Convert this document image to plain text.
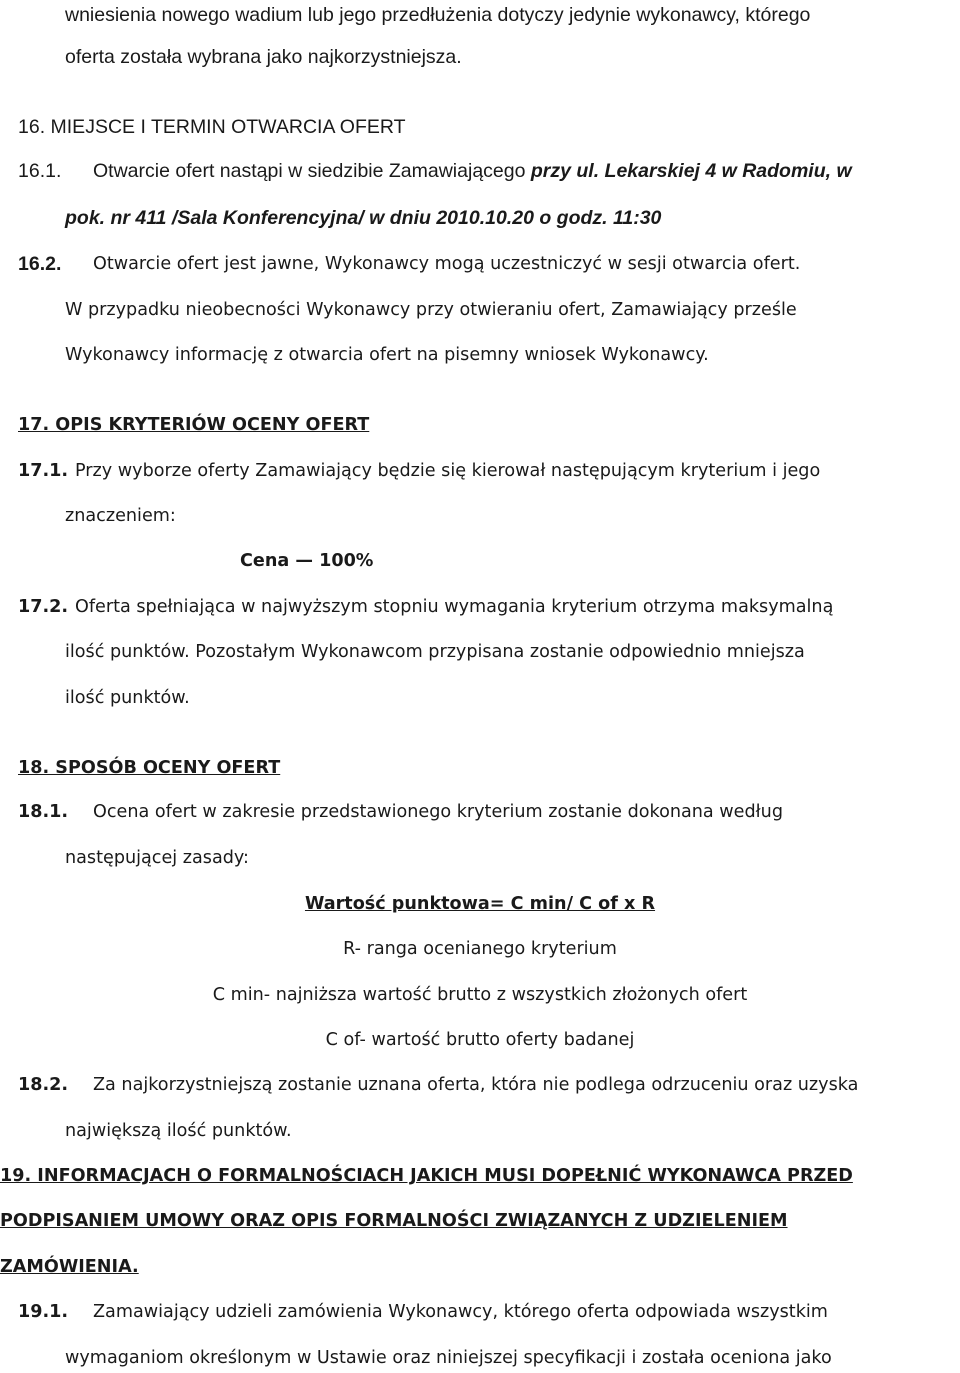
wniesienia nowego wadium lub jego przedłużenia dotyczy jedynie wykonawcy, którego
oferta została wybrana jako najkorzystniejsza.
16. MIEJSCE I TERMIN OTWARCIA OFERT
16.1. Otwarcie ofert nastąpi w siedzibie Zamawiającego przy ul. Lekarskiej 4 w Radomiu, w
pok. nr 411 /Sala Konferencyjna/ w dniu 2010.10.20 o godz. 11:30
16.2. Otwarcie ofert jest jawne, Wykonawcy mogą uczestniczyć w sesji otwarcia ofert.
W przypadku nieobecności Wykonawcy przy otwieraniu ofert, Zamawiający prześle
Wykonawcy informację z otwarcia ofert na pisemny wniosek Wykonawcy.
17. OPIS KRYTERIÓW OCENY OFERT
17.1. Przy wyborze oferty Zamawiający będzie się kierował następującym kryterium i jego
znaczeniem:
Cena — 100%
17.2. Oferta spełniająca w najwyższym stopniu wymagania kryterium otrzyma maksymalną
ilość punktów. Pozostałym Wykonawcom przypisana zostanie odpowiednio mniejsza
ilość punktów.
18. SPOSÓB OCENY OFERT
18.1. Ocena ofert w zakresie przedstawionego kryterium zostanie dokonana według
następującej zasady:
Wartość punktowa= C min/ C of x R
R- ranga ocenianego kryterium
C min- najniższa wartość brutto z wszystkich złożonych ofert
C of- wartość brutto oferty badanej
18.2. Za najkorzystniejszą zostanie uznana oferta, która nie podlega odrzuceniu oraz uzyska
największą ilość punktów.
19. INFORMACJACH O FORMALNOŚCIACH JAKICH MUSI DOPEŁNIĆ WYKONAWCA PRZED
PODPISANIEM UMOWY ORAZ OPIS FORMALNOŚCI ZWIĄZANYCH Z UDZIELENIEM
ZAMÓWIENIA.
19.1. Zamawiający udzieli zamówienia Wykonawcy, którego oferta odpowiada wszystkim
wymaganiom określonym w Ustawie oraz niniejszej specyfikacji i została oceniona jako
